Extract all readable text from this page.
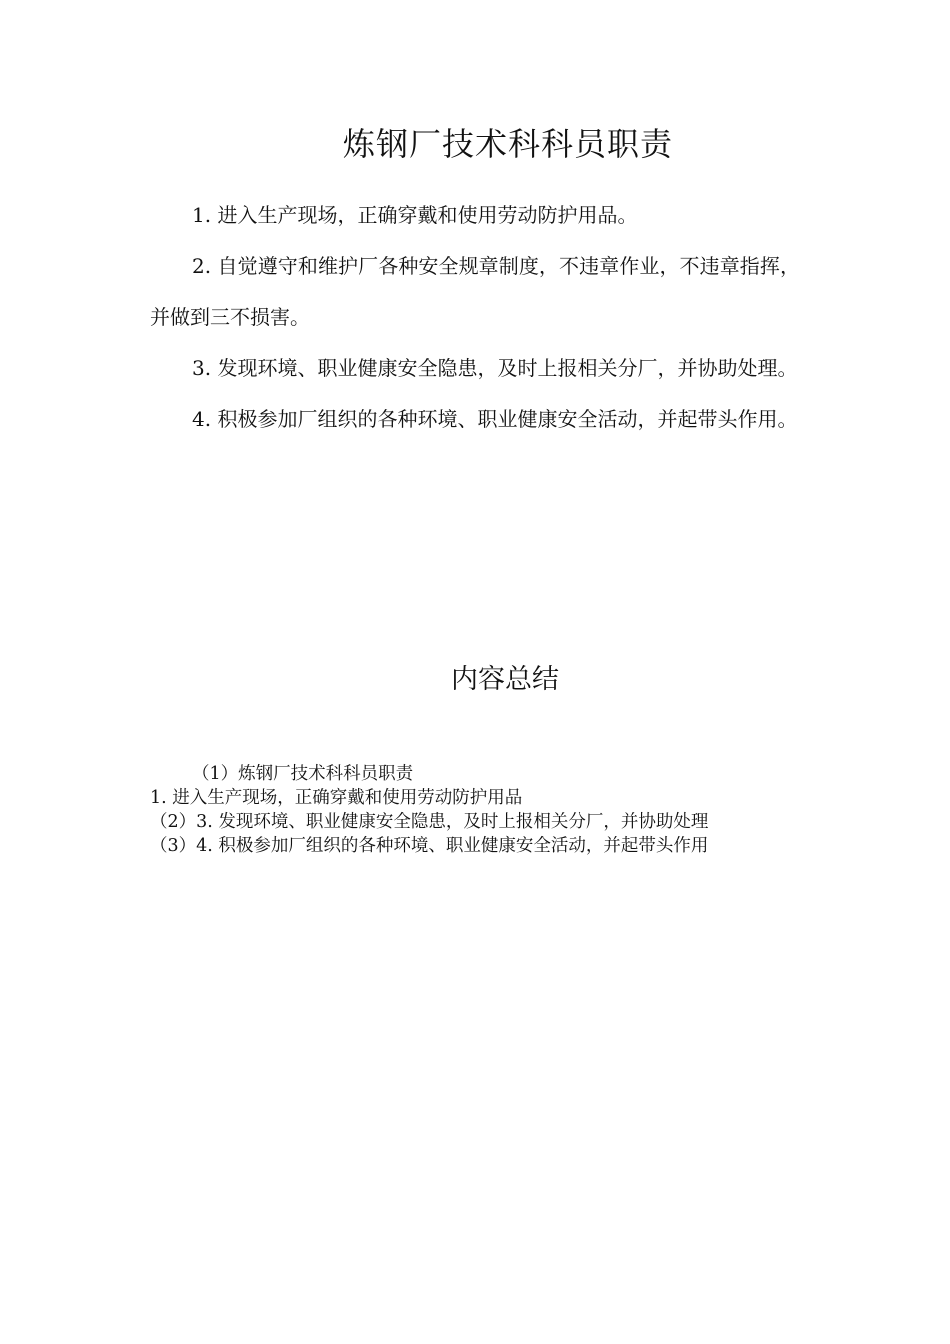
炼钢厂技术科科员职责

1. 进入生产现场，正确穿戴和使用劳动防护用品。

2. 自觉遵守和维护厂各种安全规章制度，不违章作业，不违章指挥，并做到三不损害。

3. 发现环境、职业健康安全隐患，及时上报相关分厂，并协助处理。

4. 积极参加厂组织的各种环境、职业健康安全活动，并起带头作用。

内容总结

（1）炼钢厂技术科科员职责

1. 进入生产现场，正确穿戴和使用劳动防护用品

（2）3. 发现环境、职业健康安全隐患，及时上报相关分厂，并协助处理

（3）4. 积极参加厂组织的各种环境、职业健康安全活动，并起带头作用
